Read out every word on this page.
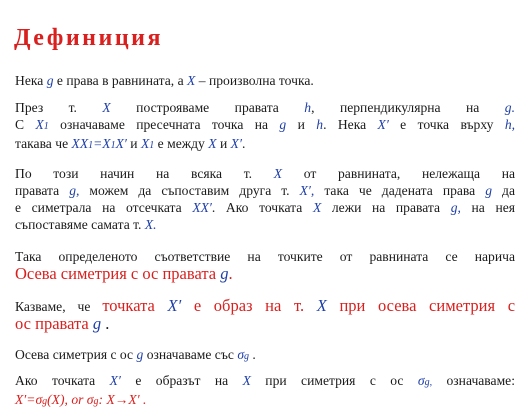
Дефиниция

Нека g е права в равнината, а X – произволна точка.

През т. X построяваме правата h, перпендикулярна на g.
С X1 означаваме пресечната точка на g и h. Нека X′ е точка върху h,
такава че XX1=X1X′ и X1 е между X и X′.

По този начин на всяка т. X от равнината, нележаща на
правата g, можем да съпоставим друга т. X′, така че дадената права g да
е симетрала на отсечката XX′. Ако точката X лежи на правата g, на нея
съпоставяме самата т. X.

Така определеното съответствие на точките от равнината се нарича
Осева симетрия с ос правата g.

Казваме, че точката X′ е образ на т. X при осева симетрия с
ос правата g .

Осева симетрия с ос g означаваме със σg .

Ако точката X′ е образът на X при симетрия с ос σg, означаваме:
X′=σg(X), or σg: X→X′ .
